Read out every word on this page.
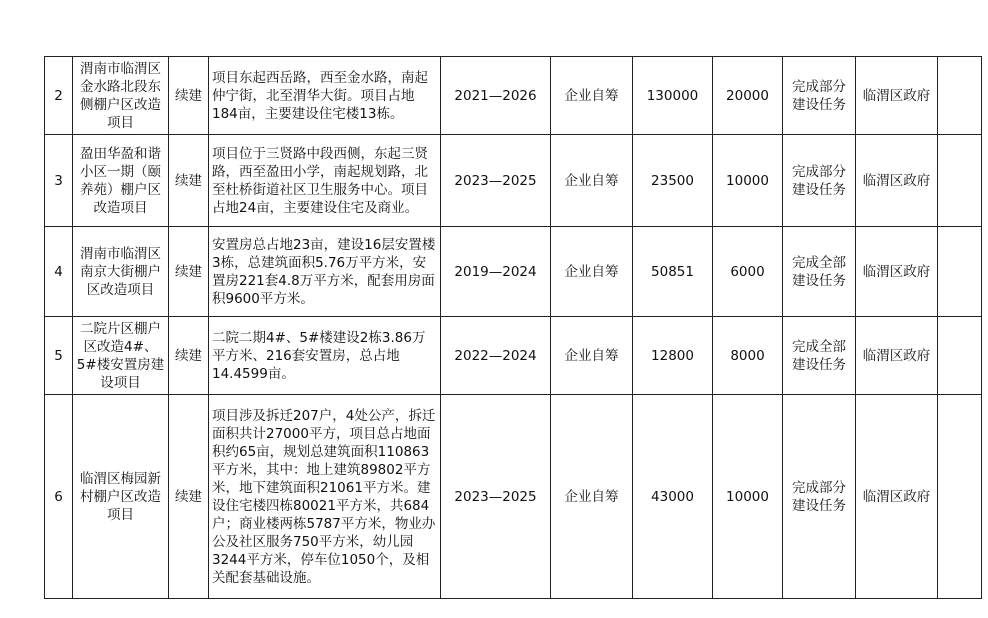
2	渭南市临渭区金水路北段东侧棚户区改造项目	续建	项目东起西岳路，西至金水路，南起仲宁街，北至渭华大街。项目占地184亩，主要建设住宅楼13栋。	2021—2026	企业自筹	130000	20000	完成部分建设任务	临渭区政府	
3	盈田华盈和谐小区一期（颐养苑）棚户区改造项目	续建	项目位于三贤路中段西侧，东起三贤路，西至盈田小学，南起规划路，北至杜桥街道社区卫生服务中心。项目占地24亩，主要建设住宅及商业。	2023—2025	企业自筹	23500	10000	完成部分建设任务	临渭区政府	
4	渭南市临渭区南京大街棚户区改造项目	续建	安置房总占地23亩，建设16层安置楼3栋，总建筑面积5.76万平方米，安置房221套4.8万平方米，配套用房面积9600平方米。	2019—2024	企业自筹	50851	6000	完成全部建设任务	临渭区政府	
5	二院片区棚户区改造4#、5#楼安置房建设项目	续建	二院二期4#、5#楼建设2栋3.86万平方米、216套安置房，总占地14.4599亩。	2022—2024	企业自筹	12800	8000	完成全部建设任务	临渭区政府	
6	临渭区梅园新村棚户区改造项目	续建	项目涉及拆迁207户，4处公产，拆迁面积共计27000平方，项目总占地面积约65亩，规划总建筑面积110863平方米，其中：地上建筑89802平方米，地下建筑面积21061平方米。建设住宅楼四栋80021平方米，共684户；商业楼两栋5787平方米，物业办公及社区服务750平方米，幼儿园3244平方米，停车位1050个，及相关配套基础设施。	2023—2025	企业自筹	43000	10000	完成部分建设任务	临渭区政府	
